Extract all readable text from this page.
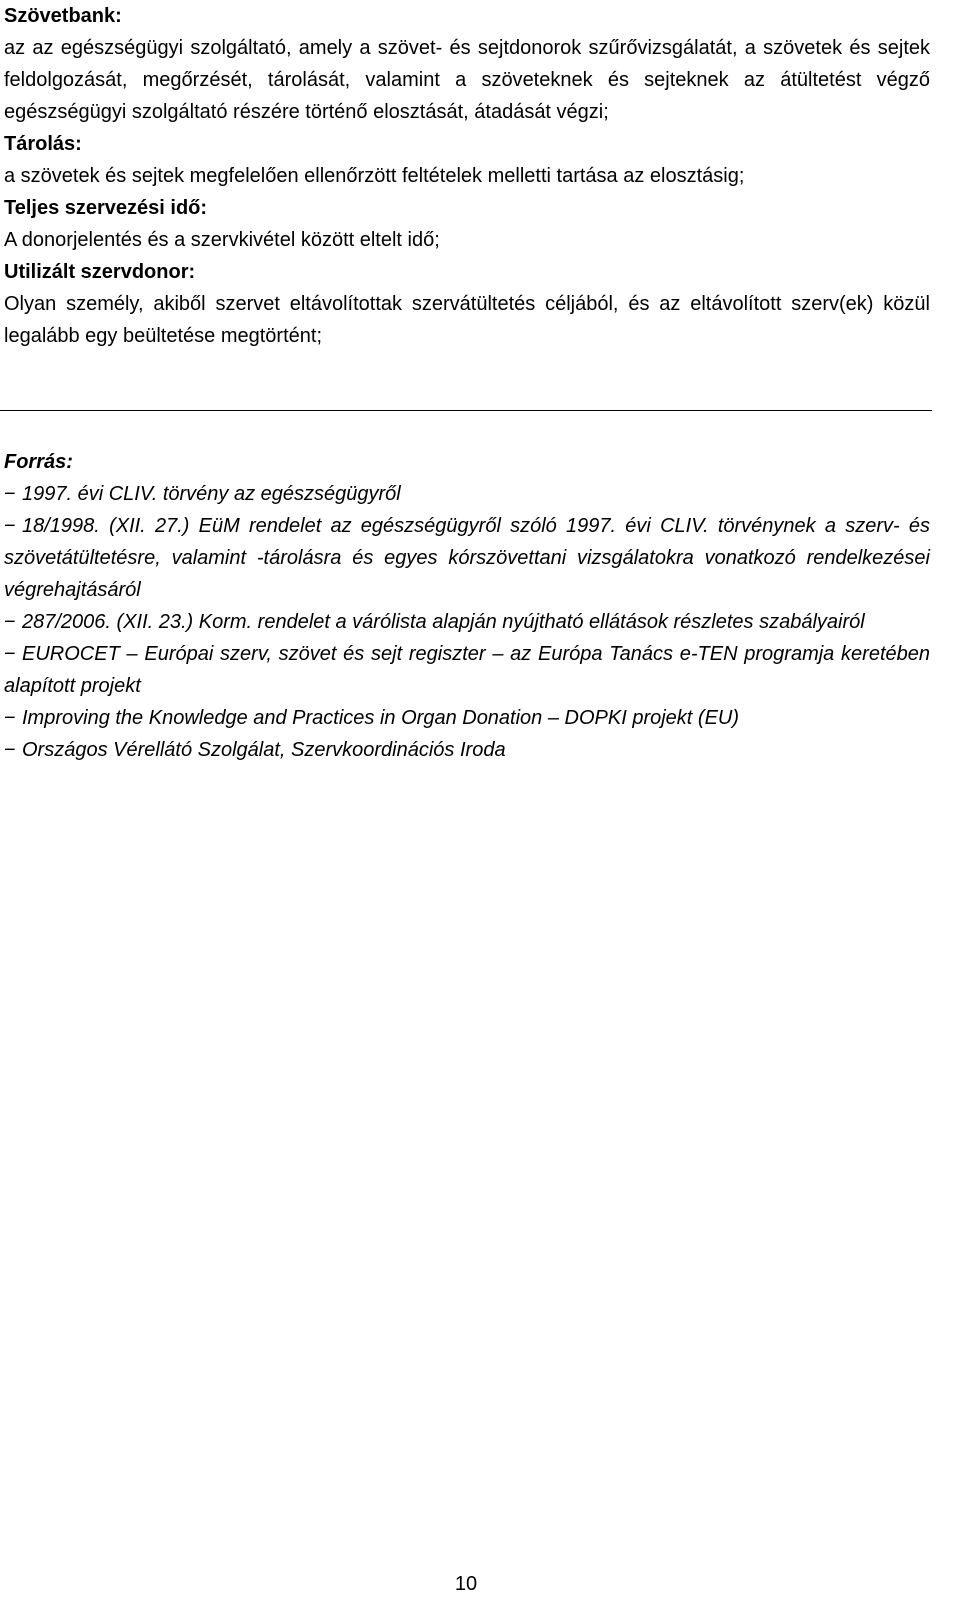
Szövetbank:
az az egészségügyi szolgáltató, amely a szövet- és sejtdonorok szűrővizsgálatát, a szövetek és sejtek feldolgozását, megőrzését, tárolását, valamint a szöveteknek és sejteknek az átültetést végző egészségügyi szolgáltató részére történő elosztását, átadását végzi;
Tárolás:
a szövetek és sejtek megfelelően ellenőrzött feltételek melletti tartása az elosztásig;
Teljes szervezési idő:
A donorjelentés és a szervkivétel között eltelt idő;
Utilizált szervdonor:
Olyan személy, akiből szervet eltávolítottak szervátültetés céljából, és az eltávolított szerv(ek) közül legalább egy beültetése megtörtént;
Forrás:
− 1997. évi CLIV. törvény az egészségügyről
− 18/1998. (XII. 27.) EüM rendelet az egészségügyről szóló 1997. évi CLIV. törvénynek a szerv- és szövetátültetésre, valamint -tárolásra és egyes kórszövettani vizsgálatokra vonatkozó rendelkezései végrehajtásáról
− 287/2006. (XII. 23.) Korm. rendelet a várólista alapján nyújtható ellátások részletes szabályairól
− EUROCET – Európai szerv, szövet és sejt regiszter – az Európa Tanács e-TEN programja keretében alapított projekt
− Improving the Knowledge and Practices in Organ Donation – DOPKI projekt (EU)
− Országos Vérellátó Szolgálat, Szervkoordinációs Iroda
10
